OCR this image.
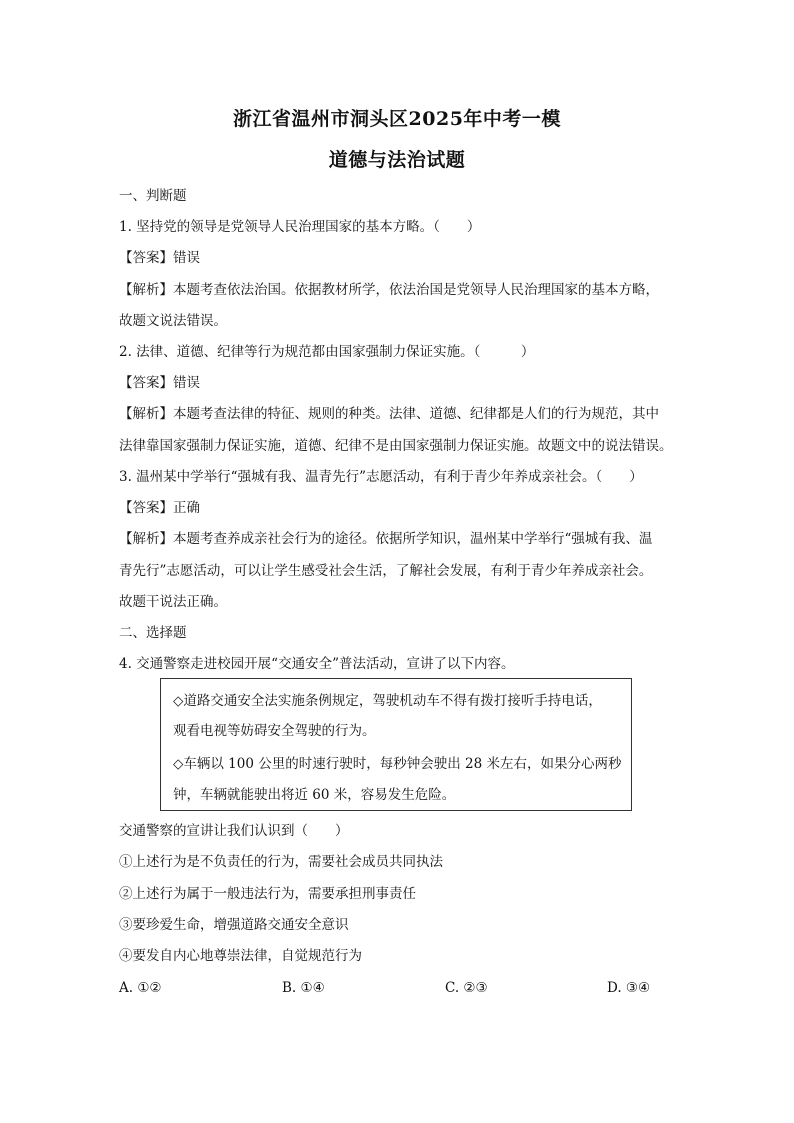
浙江省温州市洞头区2025年中考一模
道德与法治试题
一、判断题
1. 坚持党的领导是党领导人民治理国家的基本方略。（　　）
【答案】错误
【解析】本题考查依法治国。依据教材所学，依法治国是党领导人民治理国家的基本方略，
故题文说法错误。
2. 法律、道德、纪律等行为规范都由国家强制力保证实施。（　　　）
【答案】错误
【解析】本题考查法律的特征、规则的种类。法律、道德、纪律都是人们的行为规范，其中
法律靠国家强制力保证实施，道德、纪律不是由国家强制力保证实施。故题文中的说法错误。
3. 温州某中学举行“强城有我、温青先行”志愿活动，有利于青少年养成亲社会。（　　）
【答案】正确
【解析】本题考查养成亲社会行为的途径。依据所学知识，温州某中学举行“强城有我、温
青先行”志愿活动，可以让学生感受社会生活，了解社会发展，有利于青少年养成亲社会。
故题干说法正确。
二、选择题
4. 交通警察走进校园开展“交通安全”普法活动，宣讲了以下内容。
◇道路交通安全法实施条例规定，驾驶机动车不得有拨打接听手持电话，
观看电视等妨碍安全驾驶的行为。
◇车辆以 100 公里的时速行驶时，每秒钟会驶出 28 米左右，如果分心两秒
钟，车辆就能驶出将近 60 米，容易发生危险。
交通警察的宣讲让我们认识到（　　）
①上述行为是不负责任的行为，需要社会成员共同执法
②上述行为属于一般违法行为，需要承担刑事责任
③要珍爱生命，增强道路交通安全意识
④要发自内心地尊崇法律，自觉规范行为
A. ①②	B. ①④	C. ②③	D. ③④
